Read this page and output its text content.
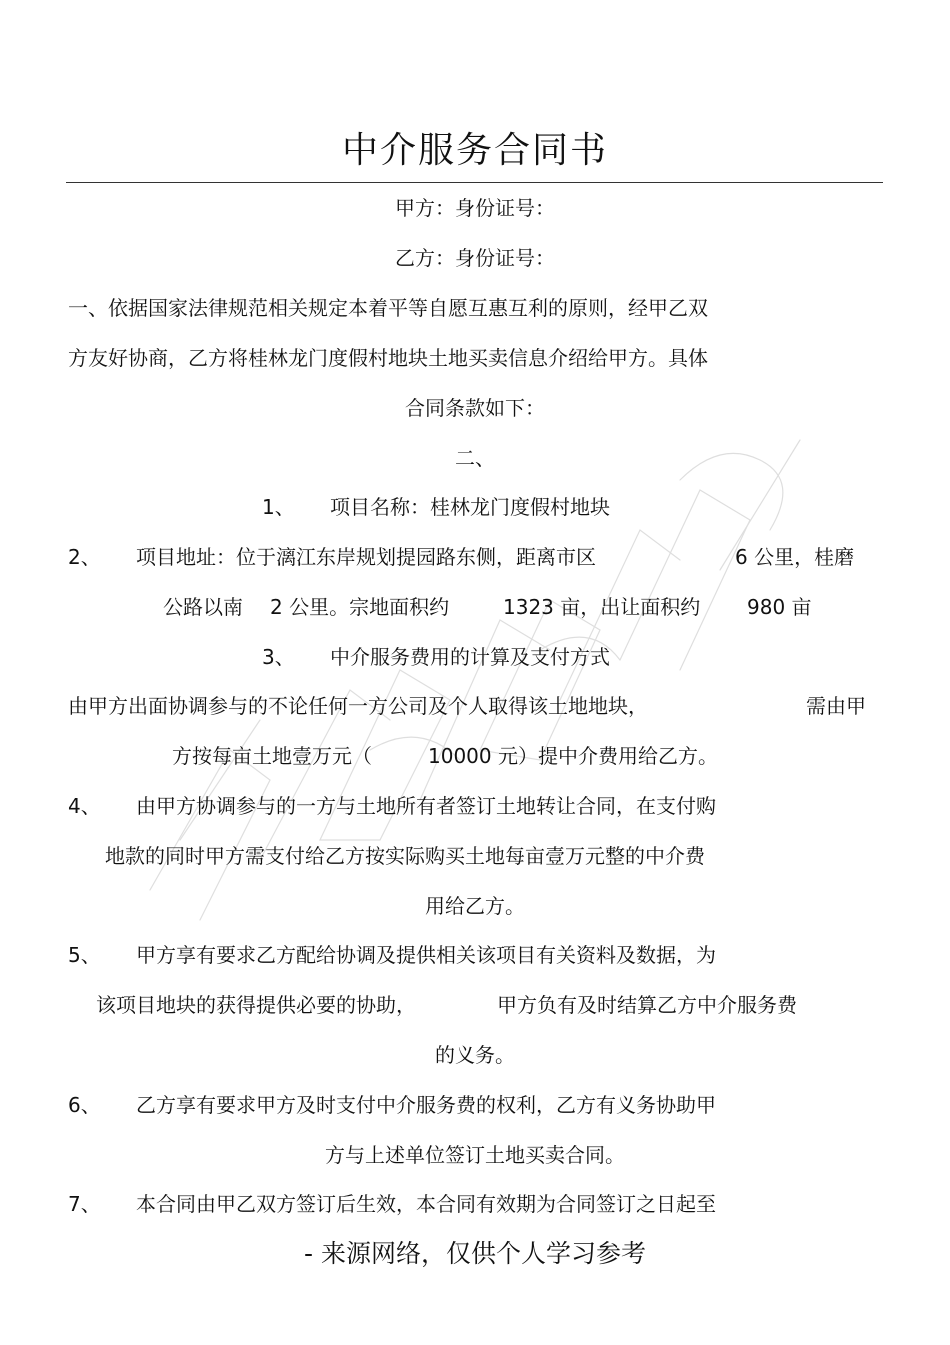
中介服务合同书
甲方：身份证号：
乙方：身份证号：
一、依据国家法律规范相关规定本着平等自愿互惠互利的原则，经甲乙双
方友好协商，乙方将桂林龙门度假村地块土地买卖信息介绍给甲方。具体
合同条款如下：
二、
1、 项目名称：桂林龙门度假村地块
2、 项目地址：位于漓江东岸规划提园路东侧，距离市区	6 公里，桂磨
公路以南 2 公里。宗地面积约	1323 亩，出让面积约 980 亩
3、 中介服务费用的计算及支付方式
由甲方出面协调参与的不论任何一方公司及个人取得该土地地块，	需由甲
方按每亩土地壹万元（	10000 元）提中介费用给乙方。
4、 由甲方协调参与的一方与土地所有者签订土地转让合同，在支付购
地款的同时甲方需支付给乙方按实际购买土地每亩壹万元整的中介费
用给乙方。
5、 甲方享有要求乙方配给协调及提供相关该项目有关资料及数据，为
该项目地块的获得提供必要的协助，	甲方负有及时结算乙方中介服务费
的义务。
6、 乙方享有要求甲方及时支付中介服务费的权利，乙方有义务协助甲
方与上述单位签订土地买卖合同。
7、 本合同由甲乙双方签订后生效，本合同有效期为合同签订之日起至
- 来源网络，仅供个人学习参考
